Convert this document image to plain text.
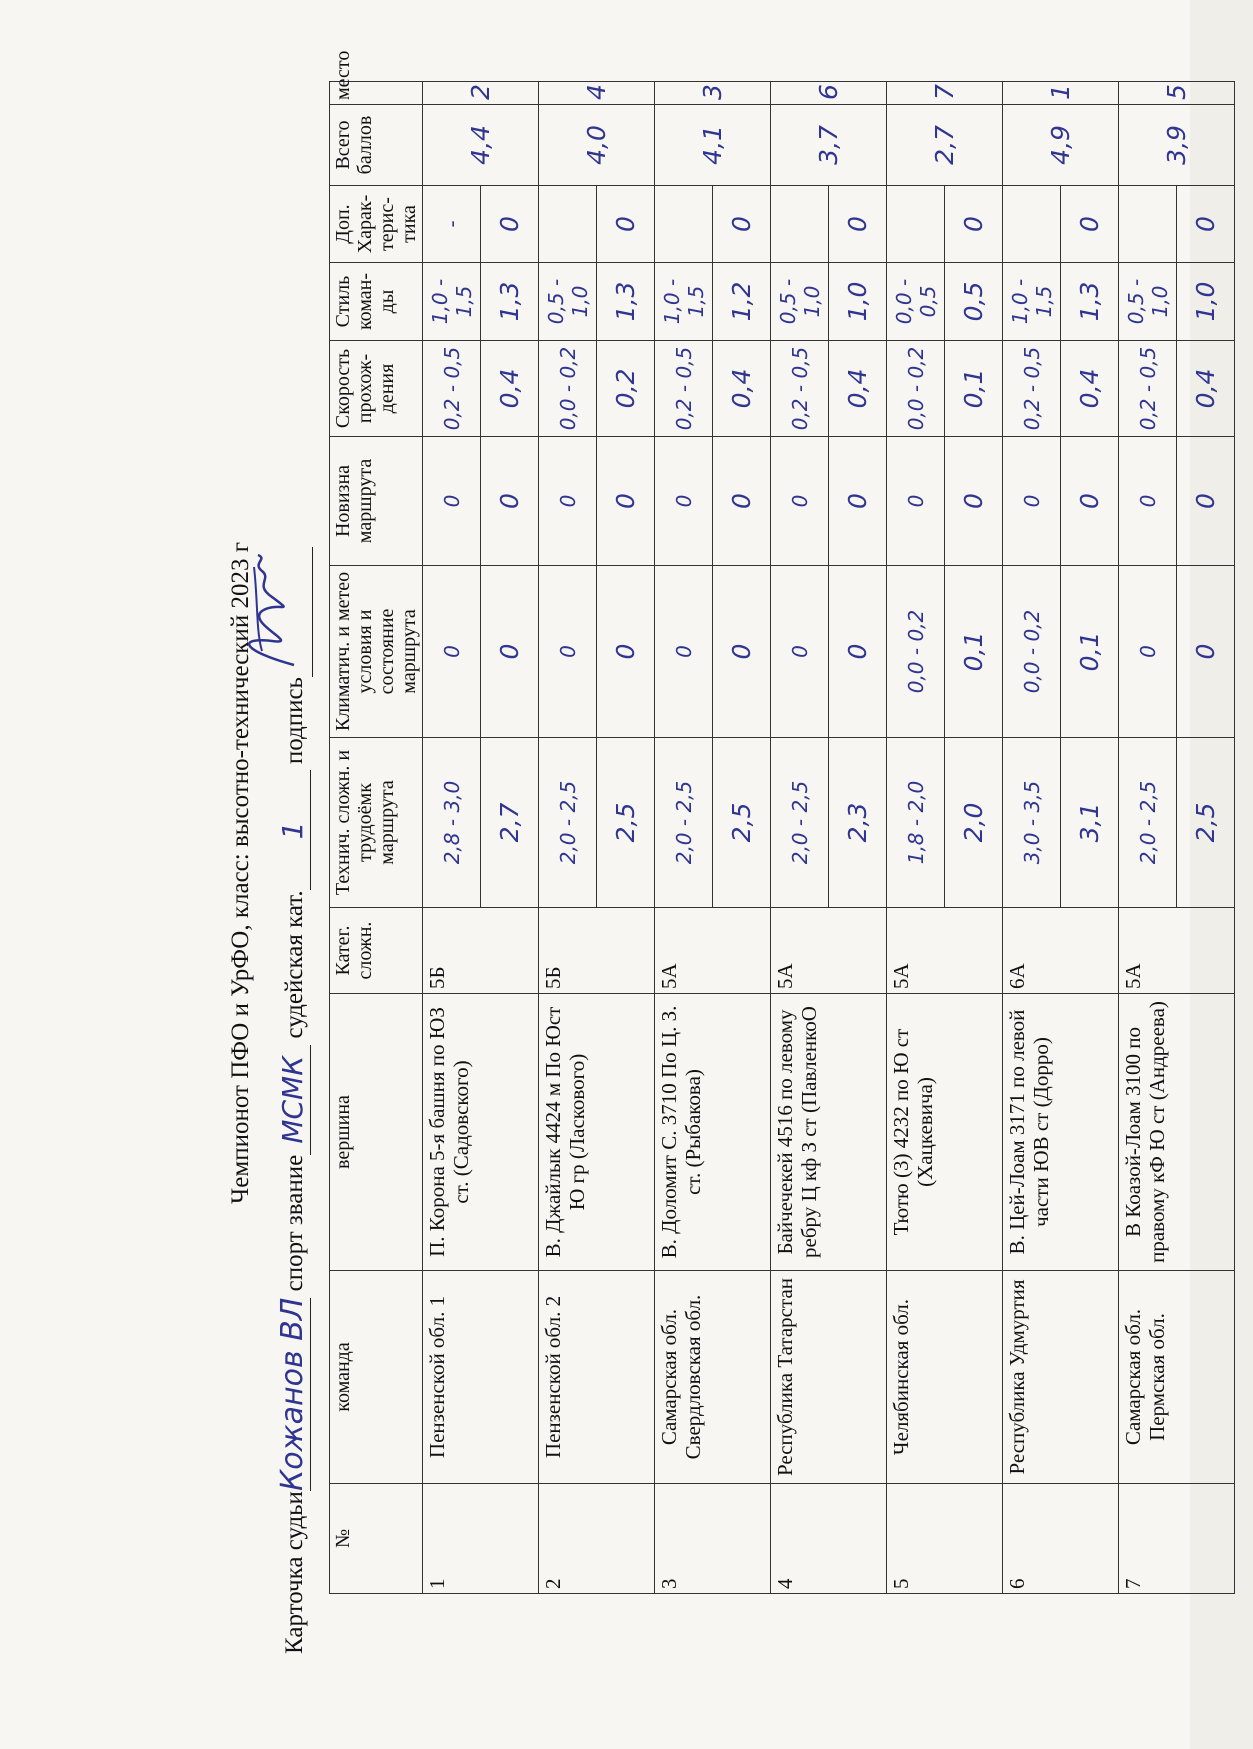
Чемпионот ПФО и УрФО, класс: высотно-технический 2023 г
Карточка судьиКожанов ВЛ спорт званиеМСМК судейская кат.1 подпись
№	команда	вершина	Катег. сложн.	Технич. сложн. и трудоёмк маршрута	Климатич. и метео условия и состояние маршрута	Новизна маршрута	Скорость прохож-дения	Стиль коман-ды	Доп. Харак-терис-тика	Всего баллов	место
1	Пензенской обл. 1	П. Корона 5-я башня по ЮЗ ст. (Садовского)	5Б	2,8 - 3,0	0	0	0,2 - 0,5	1,0 - 1,5	-	4,4	2
				2,7	0	0	0,4	1,3	0		
2	Пензенской обл. 2	В. Джайлык 4424 м По Юст Ю гр (Ласкового)	5Б	2,0 - 2,5	0	0	0,0 - 0,2	0,5 - 1,0		4,0	4
				2,5	0	0	0,2	1,3	0		
3	Самарская обл. Свердловская обл.	В. Доломит С. 3710 По Ц. З. ст. (Рыбакова)	5А	2,0 - 2,5	0	0	0,2 - 0,5	1,0 - 1,5		4,1	3
				2,5	0	0	0,4	1,2	0		
4	Республика Татарстан	Байчечекей 4516 по левому ребру Ц кф З ст (ПавленкоО	5А	2,0 - 2,5	0	0	0,2 - 0,5	0,5 - 1,0		3,7	6
				2,3	0	0	0,4	1,0	0		
5	Челябинская обл.	Тютю (3) 4232 по Ю ст (Хацкевича)	5А	1,8 - 2,0	0,0 - 0,2	0	0,0 - 0,2	0,0 - 0,5		2,7	7
				2,0	0,1	0	0,1	0,5	0		
6	Республика Удмуртия	В. Цей-Лоам 3171 по левой части ЮВ ст (Дорро)	6А	3,0 - 3,5	0,0 - 0,2	0	0,2 - 0,5	1,0 - 1,5		4,9	1
				3,1	0,1	0	0,4	1,3	0		
7	Самарская обл. Пермская обл.	В Коазой-Лоам 3100 по правому кФ Ю ст (Андреева)	5А	2,0 - 2,5	0	0	0,2 - 0,5	0,5 - 1,0		3,9	5
				2,5	0	0	0,4	1,0	0		
